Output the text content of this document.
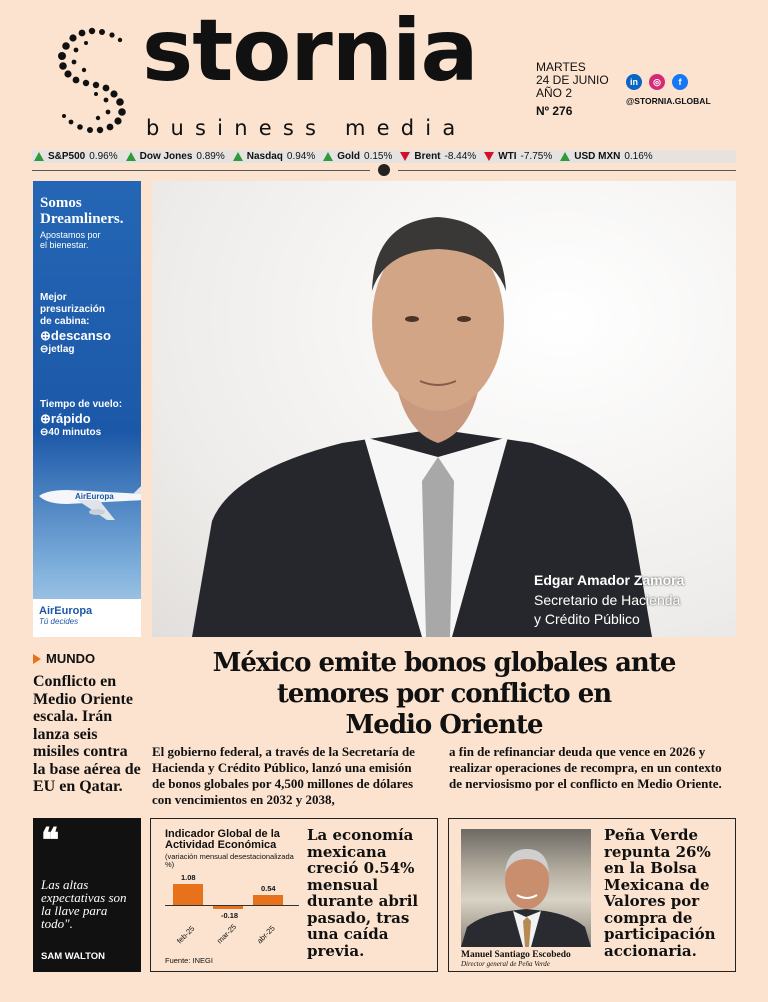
stornia
business media
MARTES
24 DE JUNIO
AÑO 2
Nº 276
in	◎	f
@STORNIA.GLOBAL
S&P500 0.96% Dow Jones 0.89% Nasdaq 0.94% Gold 0.15% Brent -8.44% WTI -7.75% USD MXN 0.16%
Somos
Dreamliners.
Apostamos por
el bienestar.
Mejor presurización
de cabina:
⊕descanso
⊖jetlag
Tiempo de vuelo:
⊕rápido
⊖40 minutos
AirEuropa
AirEuropa
Tú decides
Edgar Amador Zamora
Secretario de Hacienda
y Crédito Público
MUNDO
Conflicto en Medio Oriente escala. Irán lanza seis misiles contra la base aérea de EU en Qatar.
México emite bonos globales ante
temores por conflicto en
Medio Oriente
El gobierno federal, a través de la Secretaría de Hacienda y Crédito Público, lanzó una emisión de bonos globales por 4,500 millones de dólares con vencimientos en 2032 y 2038,
a fin de refinanciar deuda que vence en 2026 y realizar operaciones de recompra, en un contexto de nerviosismo por el conflicto en Medio Oriente.
❝
Las altas expectativas son la llave para todo".
SAM WALTON
Indicador Global de la Actividad Económica
(variación mensual desestacionalizada %)
1.08
feb-25
-0.18
mar-25
0.54
abr-25
Fuente: INEGI
La economía mexicana creció 0.54% mensual durante abril pasado, tras una caída previa.	Manuel Santiago Escobedo
Director general de Peña Verde
Peña Verde repunta 26% en la Bolsa Mexicana de Valores por compra de participación accionaria.
